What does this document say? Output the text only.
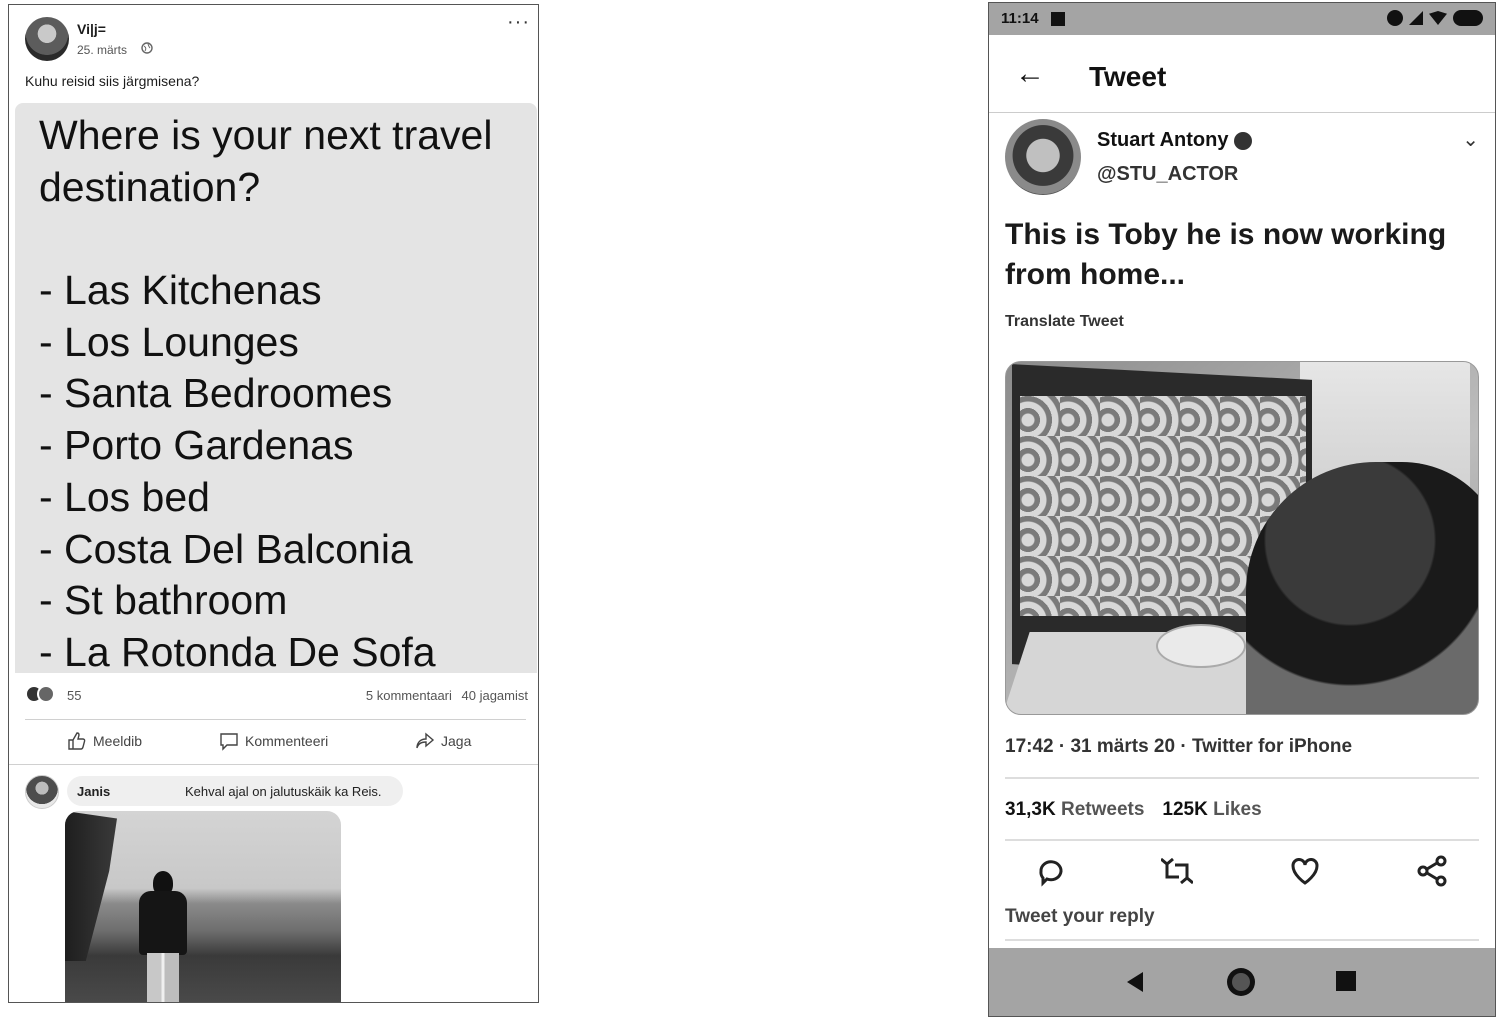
Vi|j=
25. märts
···
Kuhu reisid siis järgmisena?
Where is your next travel destination?
- Las Kitchenas
- Los Lounges
- Santa Bedroomes
- Porto Gardenas
- Los bed
- Costa Del Balconia
- St bathroom
- La Rotonda De Sofa
55	5 kommentaari 40 jagamist
Meeldib	Kommenteeri	Jaga
Janis	Kehval ajal on jalutuskäik ka Reis.
11:14
← Tweet
Stuart Antony
@STU_ACTOR
⌄
This is Toby he is now working from home...
Translate Tweet
17:42 · 31 märts 20 · Twitter for iPhone
31,3K Retweets 125K Likes
Tweet your reply
